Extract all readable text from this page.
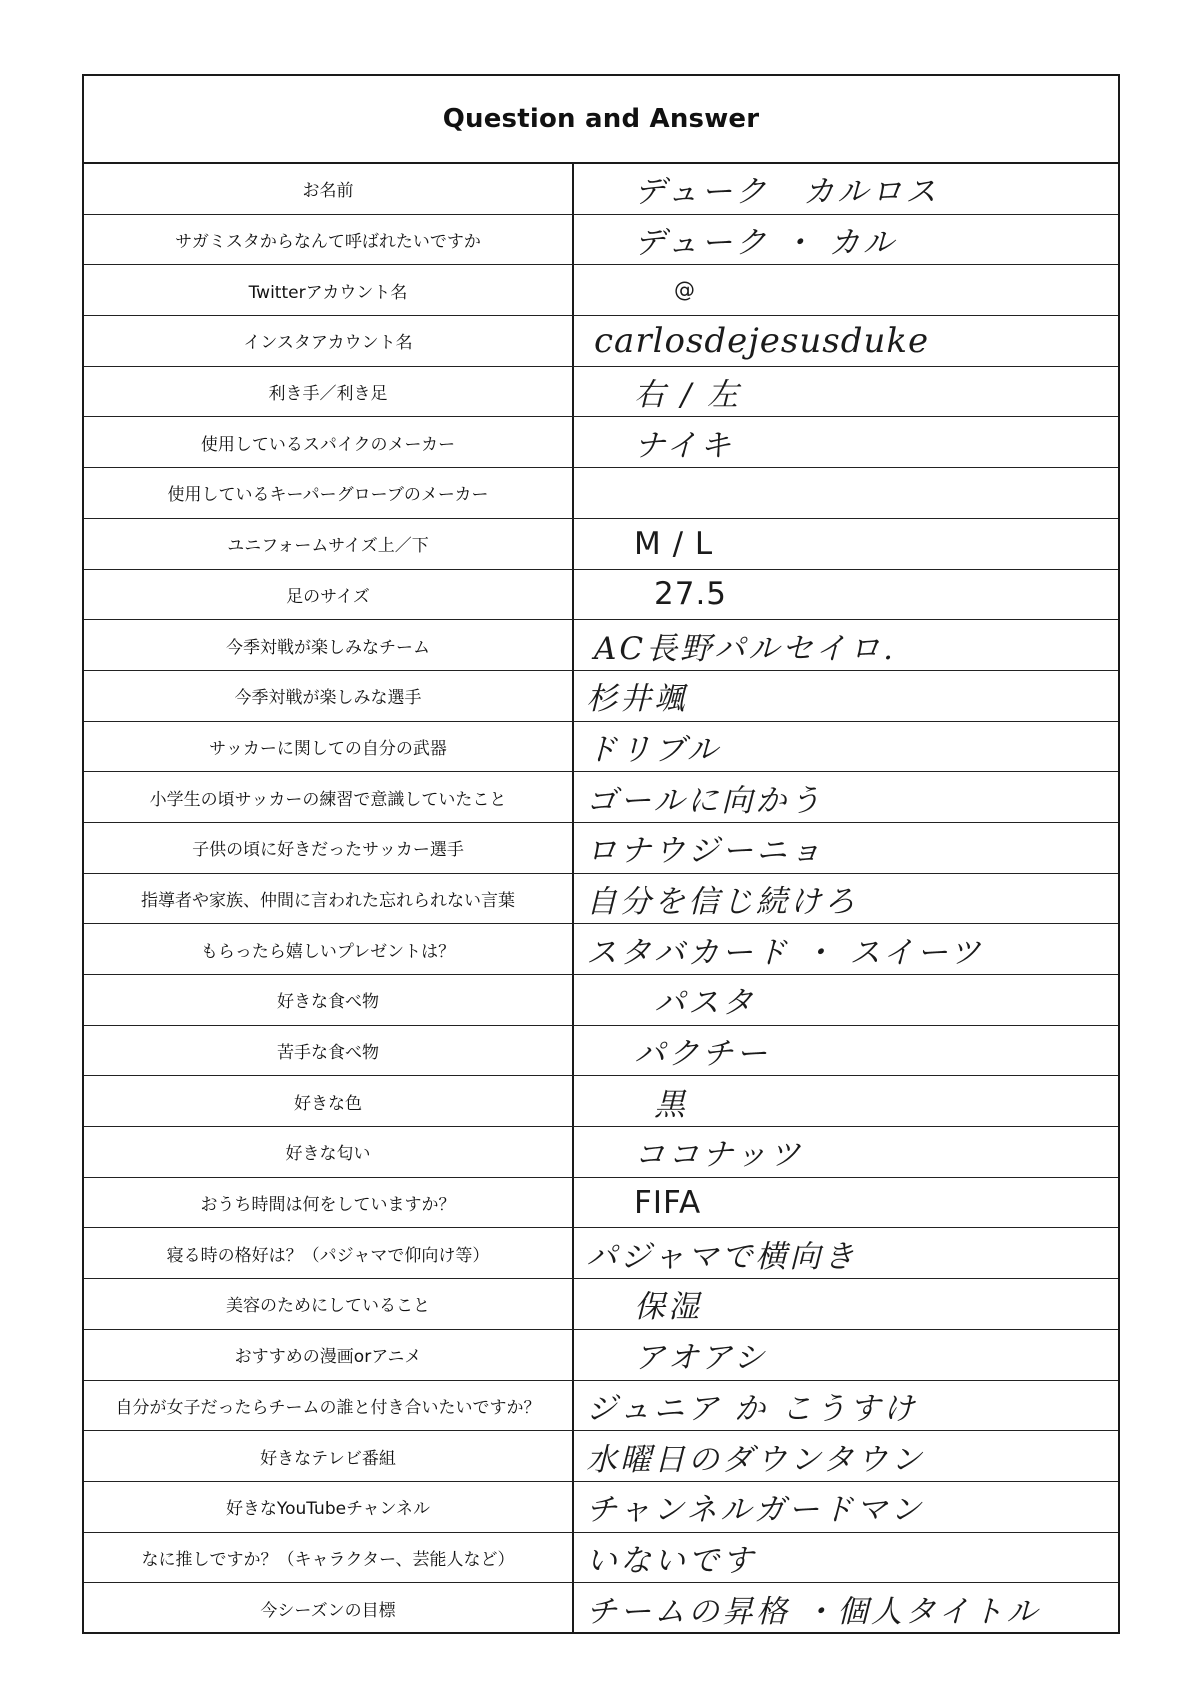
Question and Answer
お名前	デューク　カルロス
サガミスタからなんて呼ばれたいですか	デューク ・ カル
Twitterアカウント名	@
インスタアカウント名	carlosdejesusduke
利き手／利き足	右 / 左
使用しているスパイクのメーカー	ナイキ
使用しているキーパーグローブのメーカー
ユニフォームサイズ上／下	M / L
足のサイズ	27.5
今季対戦が楽しみなチーム	AC長野パルセイロ.
今季対戦が楽しみな選手	杉井颯
サッカーに関しての自分の武器	ドリブル
小学生の頃サッカーの練習で意識していたこと	ゴールに向かう
子供の頃に好きだったサッカー選手	ロナウジーニョ
指導者や家族、仲間に言われた忘れられない言葉	自分を信じ続けろ
もらったら嬉しいプレゼントは？	スタバカード ・ スイーツ
好きな食べ物	パスタ
苦手な食べ物	パクチー
好きな色	黒
好きな匂い	ココナッツ
おうち時間は何をしていますか？	FIFA
寝る時の格好は？（パジャマで仰向け等）	パジャマで横向き
美容のためにしていること	保湿
おすすめの漫画orアニメ	アオアシ
自分が女子だったらチームの誰と付き合いたいですか？	ジュニア か こうすけ
好きなテレビ番組	水曜日のダウンタウン
好きなYouTubeチャンネル	チャンネルガードマン
なに推しですか？（キャラクター、芸能人など）	いないです
今シーズンの目標	チームの昇格 ・個人タイトル
